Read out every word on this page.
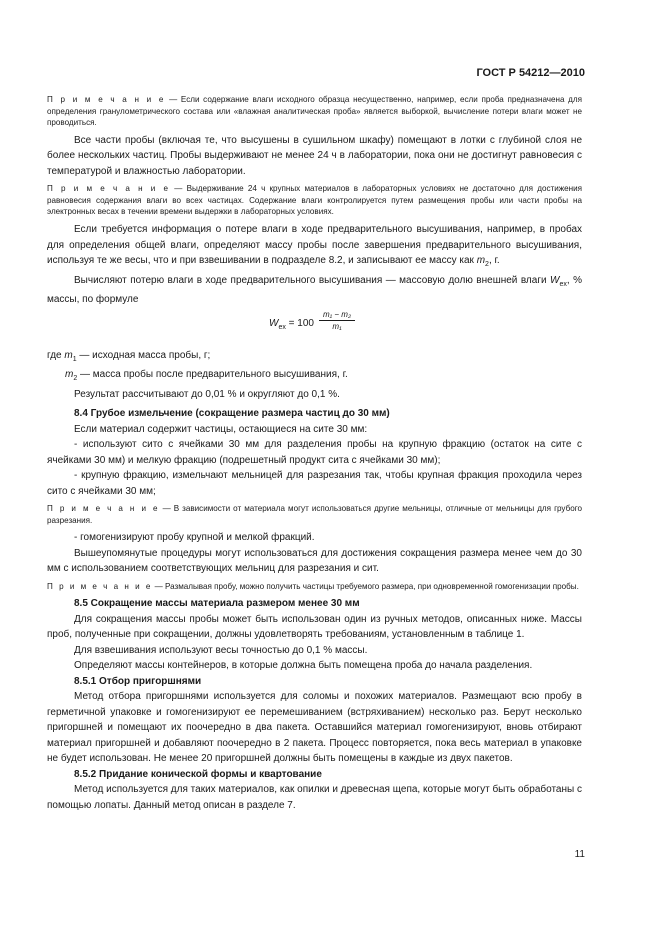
ГОСТ Р 54212—2010

П р и м е ч а н и е — Если содержание влаги исходного образца несущественно, например, если проба предназначена для определения гранулометрического состава или «влажная аналитическая проба» является выборкой, вычисление потери влаги может не проводиться.

Все части пробы (включая те, что высушены в сушильном шкафу) помещают в лотки с глубиной слоя не более нескольких частиц. Пробы выдерживают не менее 24 ч в лаборатории, пока они не достигнут равновесия с температурой и влажностью лаборатории.

П р и м е ч а н и е — Выдерживание 24 ч крупных материалов в лабораторных условиях не достаточно для достижения равновесия содержания влаги во всех частицах. Содержание влаги контролируется путем размещения пробы или части пробы на электронных весах в течении времени выдержки в лабораторных условиях.

Если требуется информация о потере влаги в ходе предварительного высушивания, например, в пробах для определения общей влаги, определяют массу пробы после завершения предварительного высушивания, используя те же весы, что и при взвешивании в подразделе 8.2, и записывают ее массу как $m_2$, г.

Вычисляют потерю влаги в ходе предварительного высушивания — массовую долю внешней влаги $W_{ex}$, % массы, по формуле

$W_{ex} = 100 \frac{\text{m₁ − m₂}}{\text{m₁}}$

где $m_1$ — исходная масса пробы, г;

$m_2$ — масса пробы после предварительного высушивания, г.

Результат рассчитывают до 0,01 % и округляют до 0,1 %.

8.4 Грубое измельчение (сокращение размера частиц до 30 мм)

Если материал содержит частицы, остающиеся на сите 30 мм:

- используют сито с ячейками 30 мм для разделения пробы на крупную фракцию (остаток на сите с ячейками 30 мм) и мелкую фракцию (подрешетный продукт сита с ячейками 30 мм);

- крупную фракцию, измельчают мельницей для разрезания так, чтобы крупная фракция проходила через сито с ячейками 30 мм;

П р и м е ч а н и е — В зависимости от материала могут использоваться другие мельницы, отличные от мельницы для грубого разрезания.

- гомогенизируют пробу крупной и мелкой фракций.

Вышеупомянутые процедуры могут использоваться для достижения сокращения размера менее чем до 30 мм с использованием соответствующих мельниц для разрезания и сит.

П р и м е ч а н и е — Размалывая пробу, можно получить частицы требуемого размера, при одновременной гомогенизации пробы.

8.5 Сокращение массы материала размером менее 30 мм

Для сокращения массы пробы может быть использован один из ручных методов, описанных ниже. Массы проб, полученные при сокращении, должны удовлетворять требованиям, установленным в таблице 1.

Для взвешивания используют весы точностью до 0,1 % массы.

Определяют массы контейнеров, в которые должна быть помещена проба до начала разделения.

8.5.1 Отбор пригоршнями

Метод отбора пригоршнями используется для соломы и похожих материалов. Размещают всю пробу в герметичной упаковке и гомогенизируют ее перемешиванием (встряхиванием) несколько раз. Берут несколько пригоршней и помещают их поочередно в два пакета. Оставшийся материал гомогенизируют, вновь отбирают материал пригоршней и добавляют поочередно в 2 пакета. Процесс повторяется, пока весь материал в упаковке не будет использован. Не менее 20 пригоршней должны быть помещены в каждые из двух пакетов.

8.5.2 Придание конической формы и квартование

Метод используется для таких материалов, как опилки и древесная щепа, которые могут быть обработаны с помощью лопаты. Данный метод описан в разделе 7.

11
